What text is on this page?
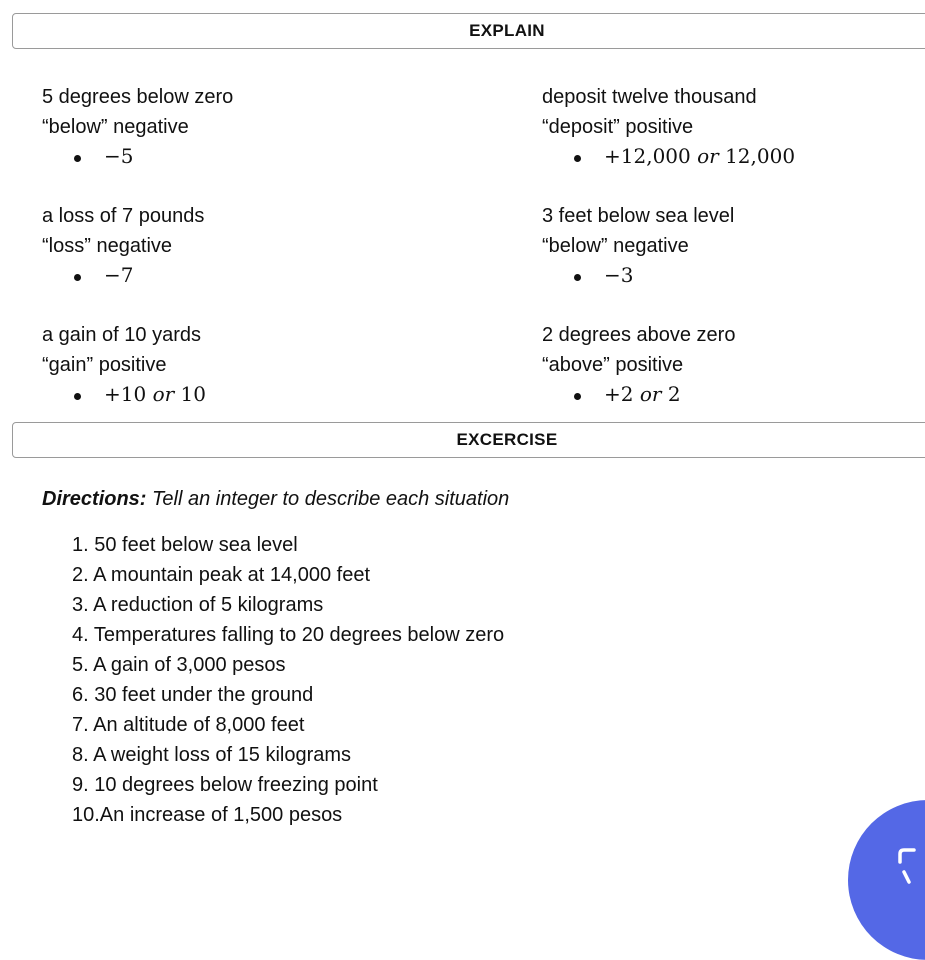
EXPLAIN
5 degrees below zero
“below” negative
−5
deposit twelve thousand
“deposit” positive
+12,000 or 12,000
a loss of 7 pounds
“loss” negative
−7
3 feet below sea level
“below” negative
−3
a gain of 10 yards
“gain” positive
+10 or 10
2 degrees above zero
“above” positive
+2 or 2
EXCERCISE
Directions: Tell an integer to describe each situation
1. 50 feet below sea level
2. A mountain peak at 14,000 feet
3. A reduction of 5 kilograms
4. Temperatures falling to 20 degrees below zero
5. A gain of 3,000 pesos
6. 30 feet under the ground
7. An altitude of 8,000 feet
8. A weight loss of 15 kilograms
9. 10 degrees below freezing point
10.An increase of 1,500 pesos
